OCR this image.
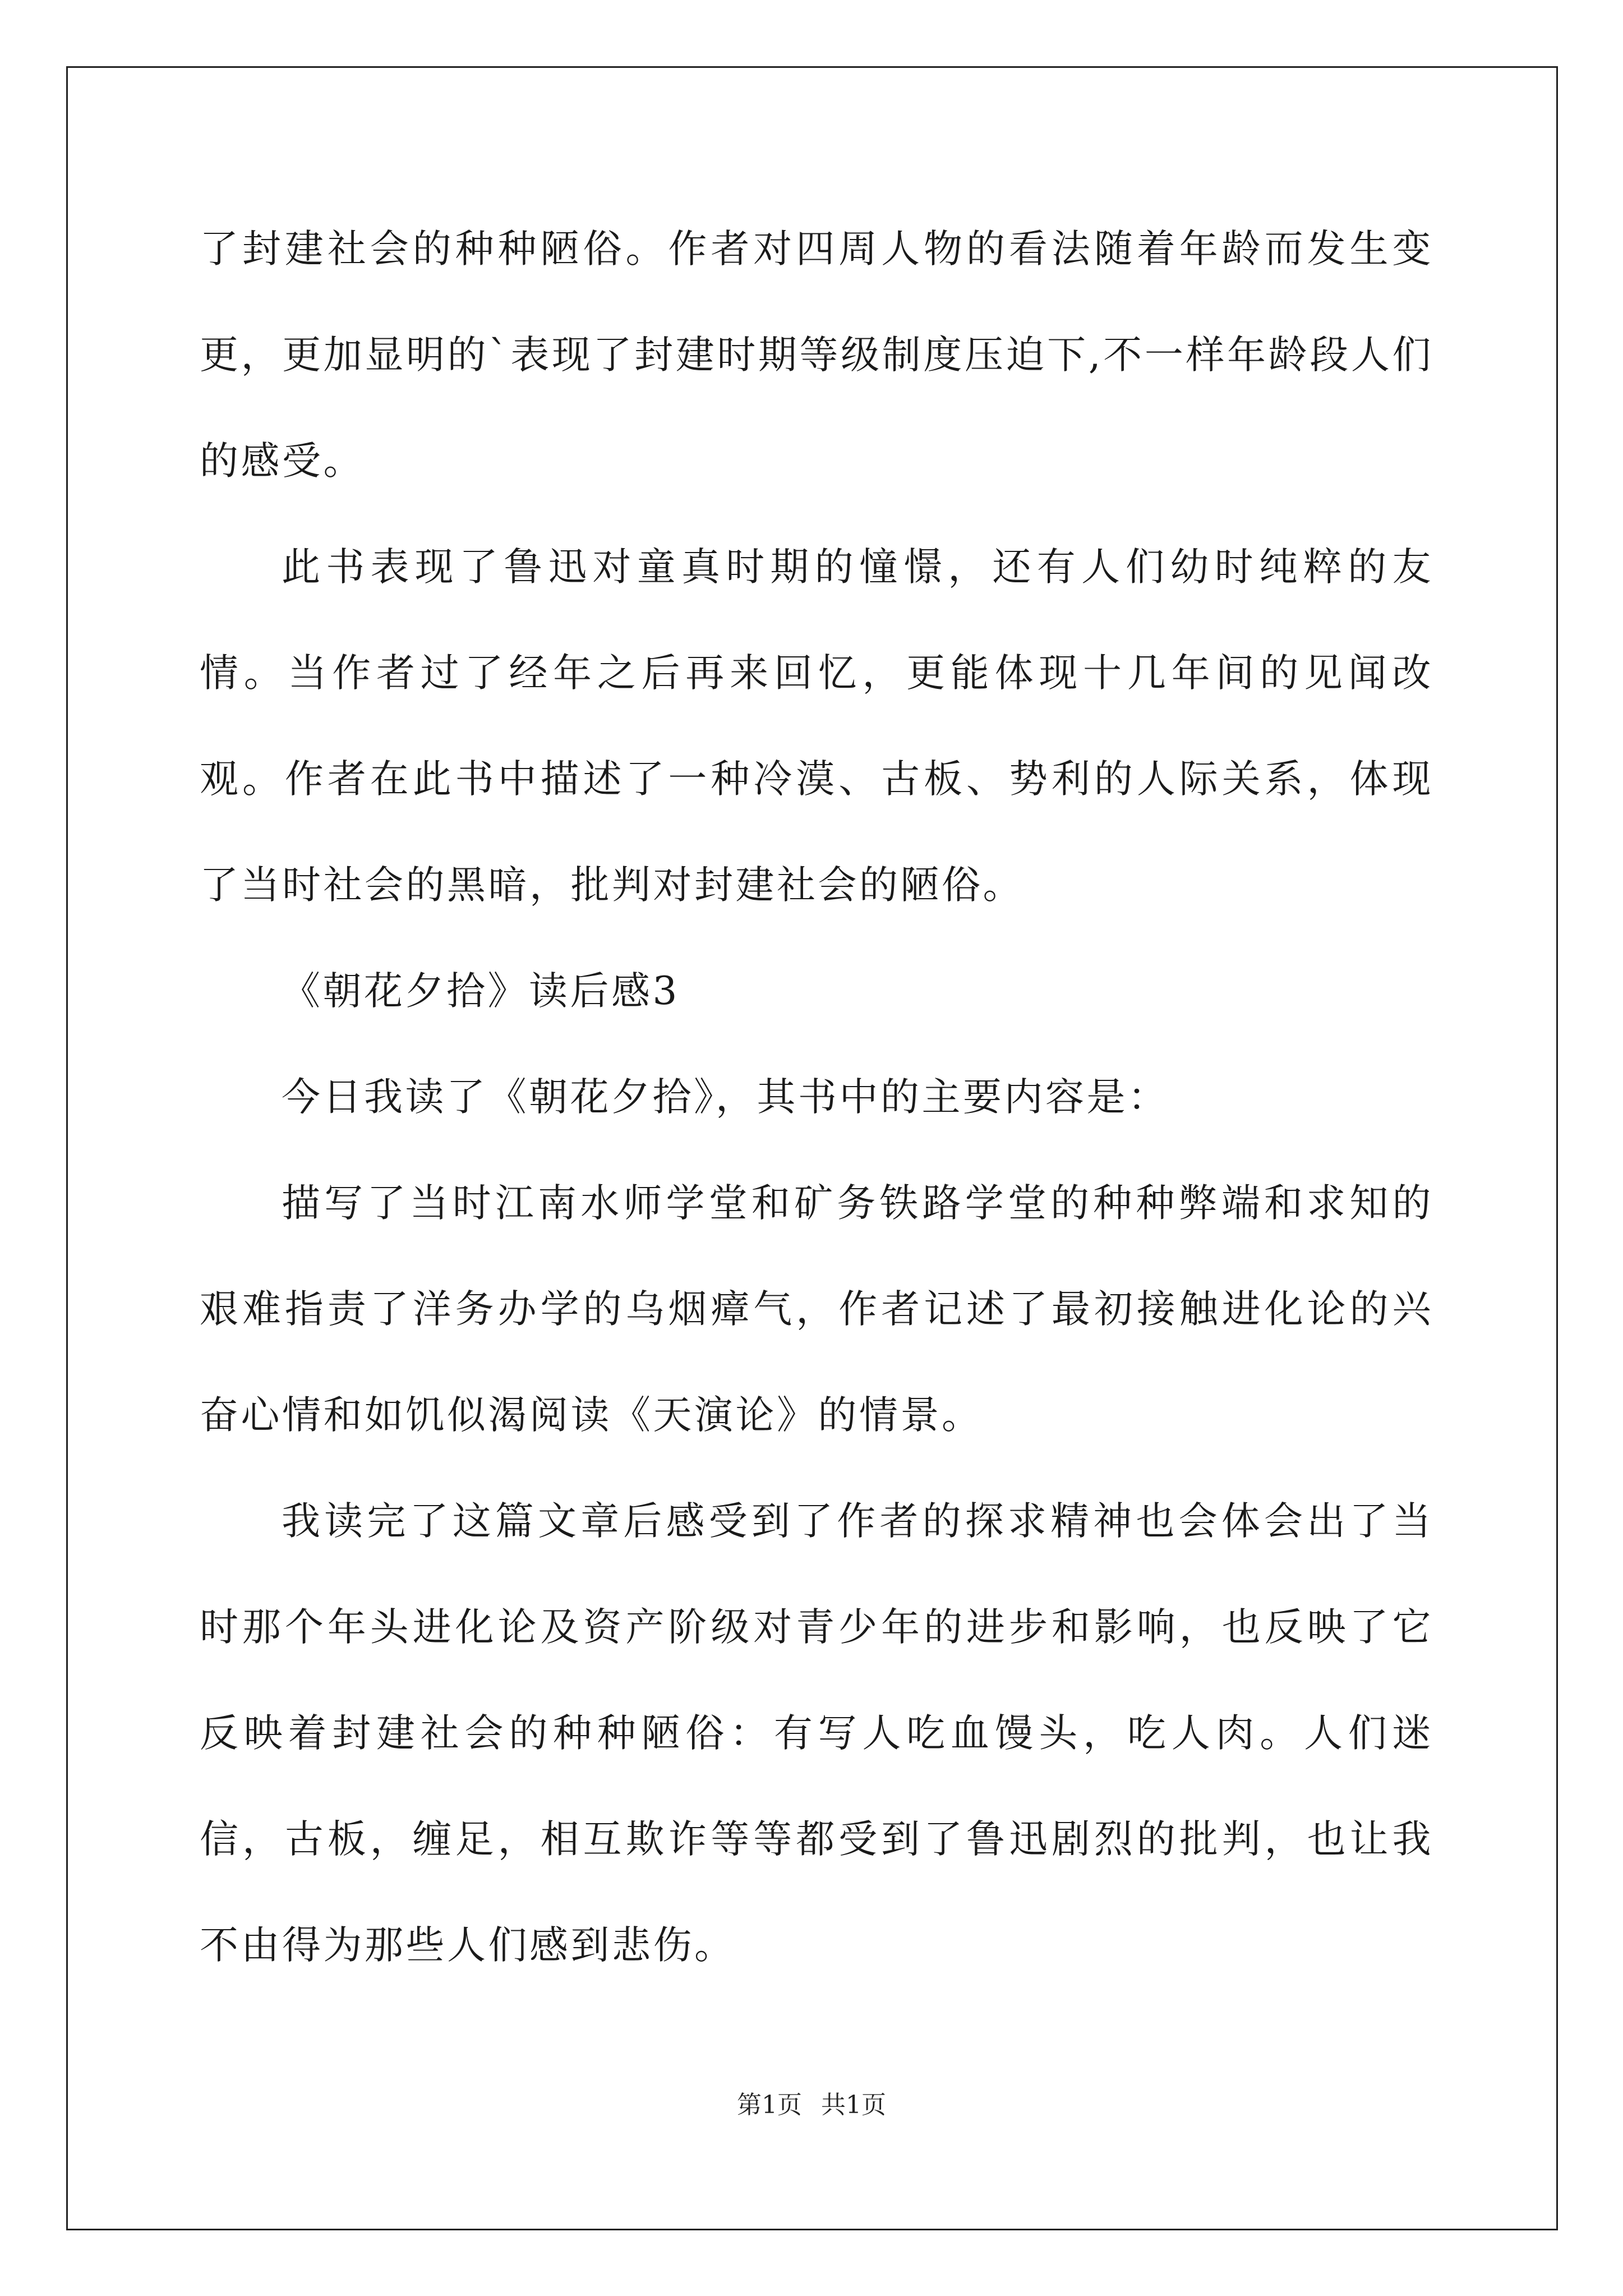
了封建社会的种种陋俗。作者对四周人物的看法随着年龄而发生变更，更加显明的`表现了封建时期等级制度压迫下,不一样年龄段人们的感受。

此书表现了鲁迅对童真时期的憧憬，还有人们幼时纯粹的友情。当作者过了经年之后再来回忆，更能体现十几年间的见闻改观。作者在此书中描述了一种冷漠、古板、势利的人际关系，体现了当时社会的黑暗，批判对封建社会的陋俗。

《朝花夕拾》读后感3

今日我读了《朝花夕拾》，其书中的主要内容是：

描写了当时江南水师学堂和矿务铁路学堂的种种弊端和求知的艰难指责了洋务办学的乌烟瘴气，作者记述了最初接触进化论的兴奋心情和如饥似渴阅读《天演论》的情景。

我读完了这篇文章后感受到了作者的探求精神也会体会出了当时那个年头进化论及资产阶级对青少年的进步和影响，也反映了它反映着封建社会的种种陋俗：有写人吃血馒头，吃人肉。人们迷信，古板，缠足，相互欺诈等等都受到了鲁迅剧烈的批判，也让我不由得为那些人们感到悲伤。

第1页 共1页
